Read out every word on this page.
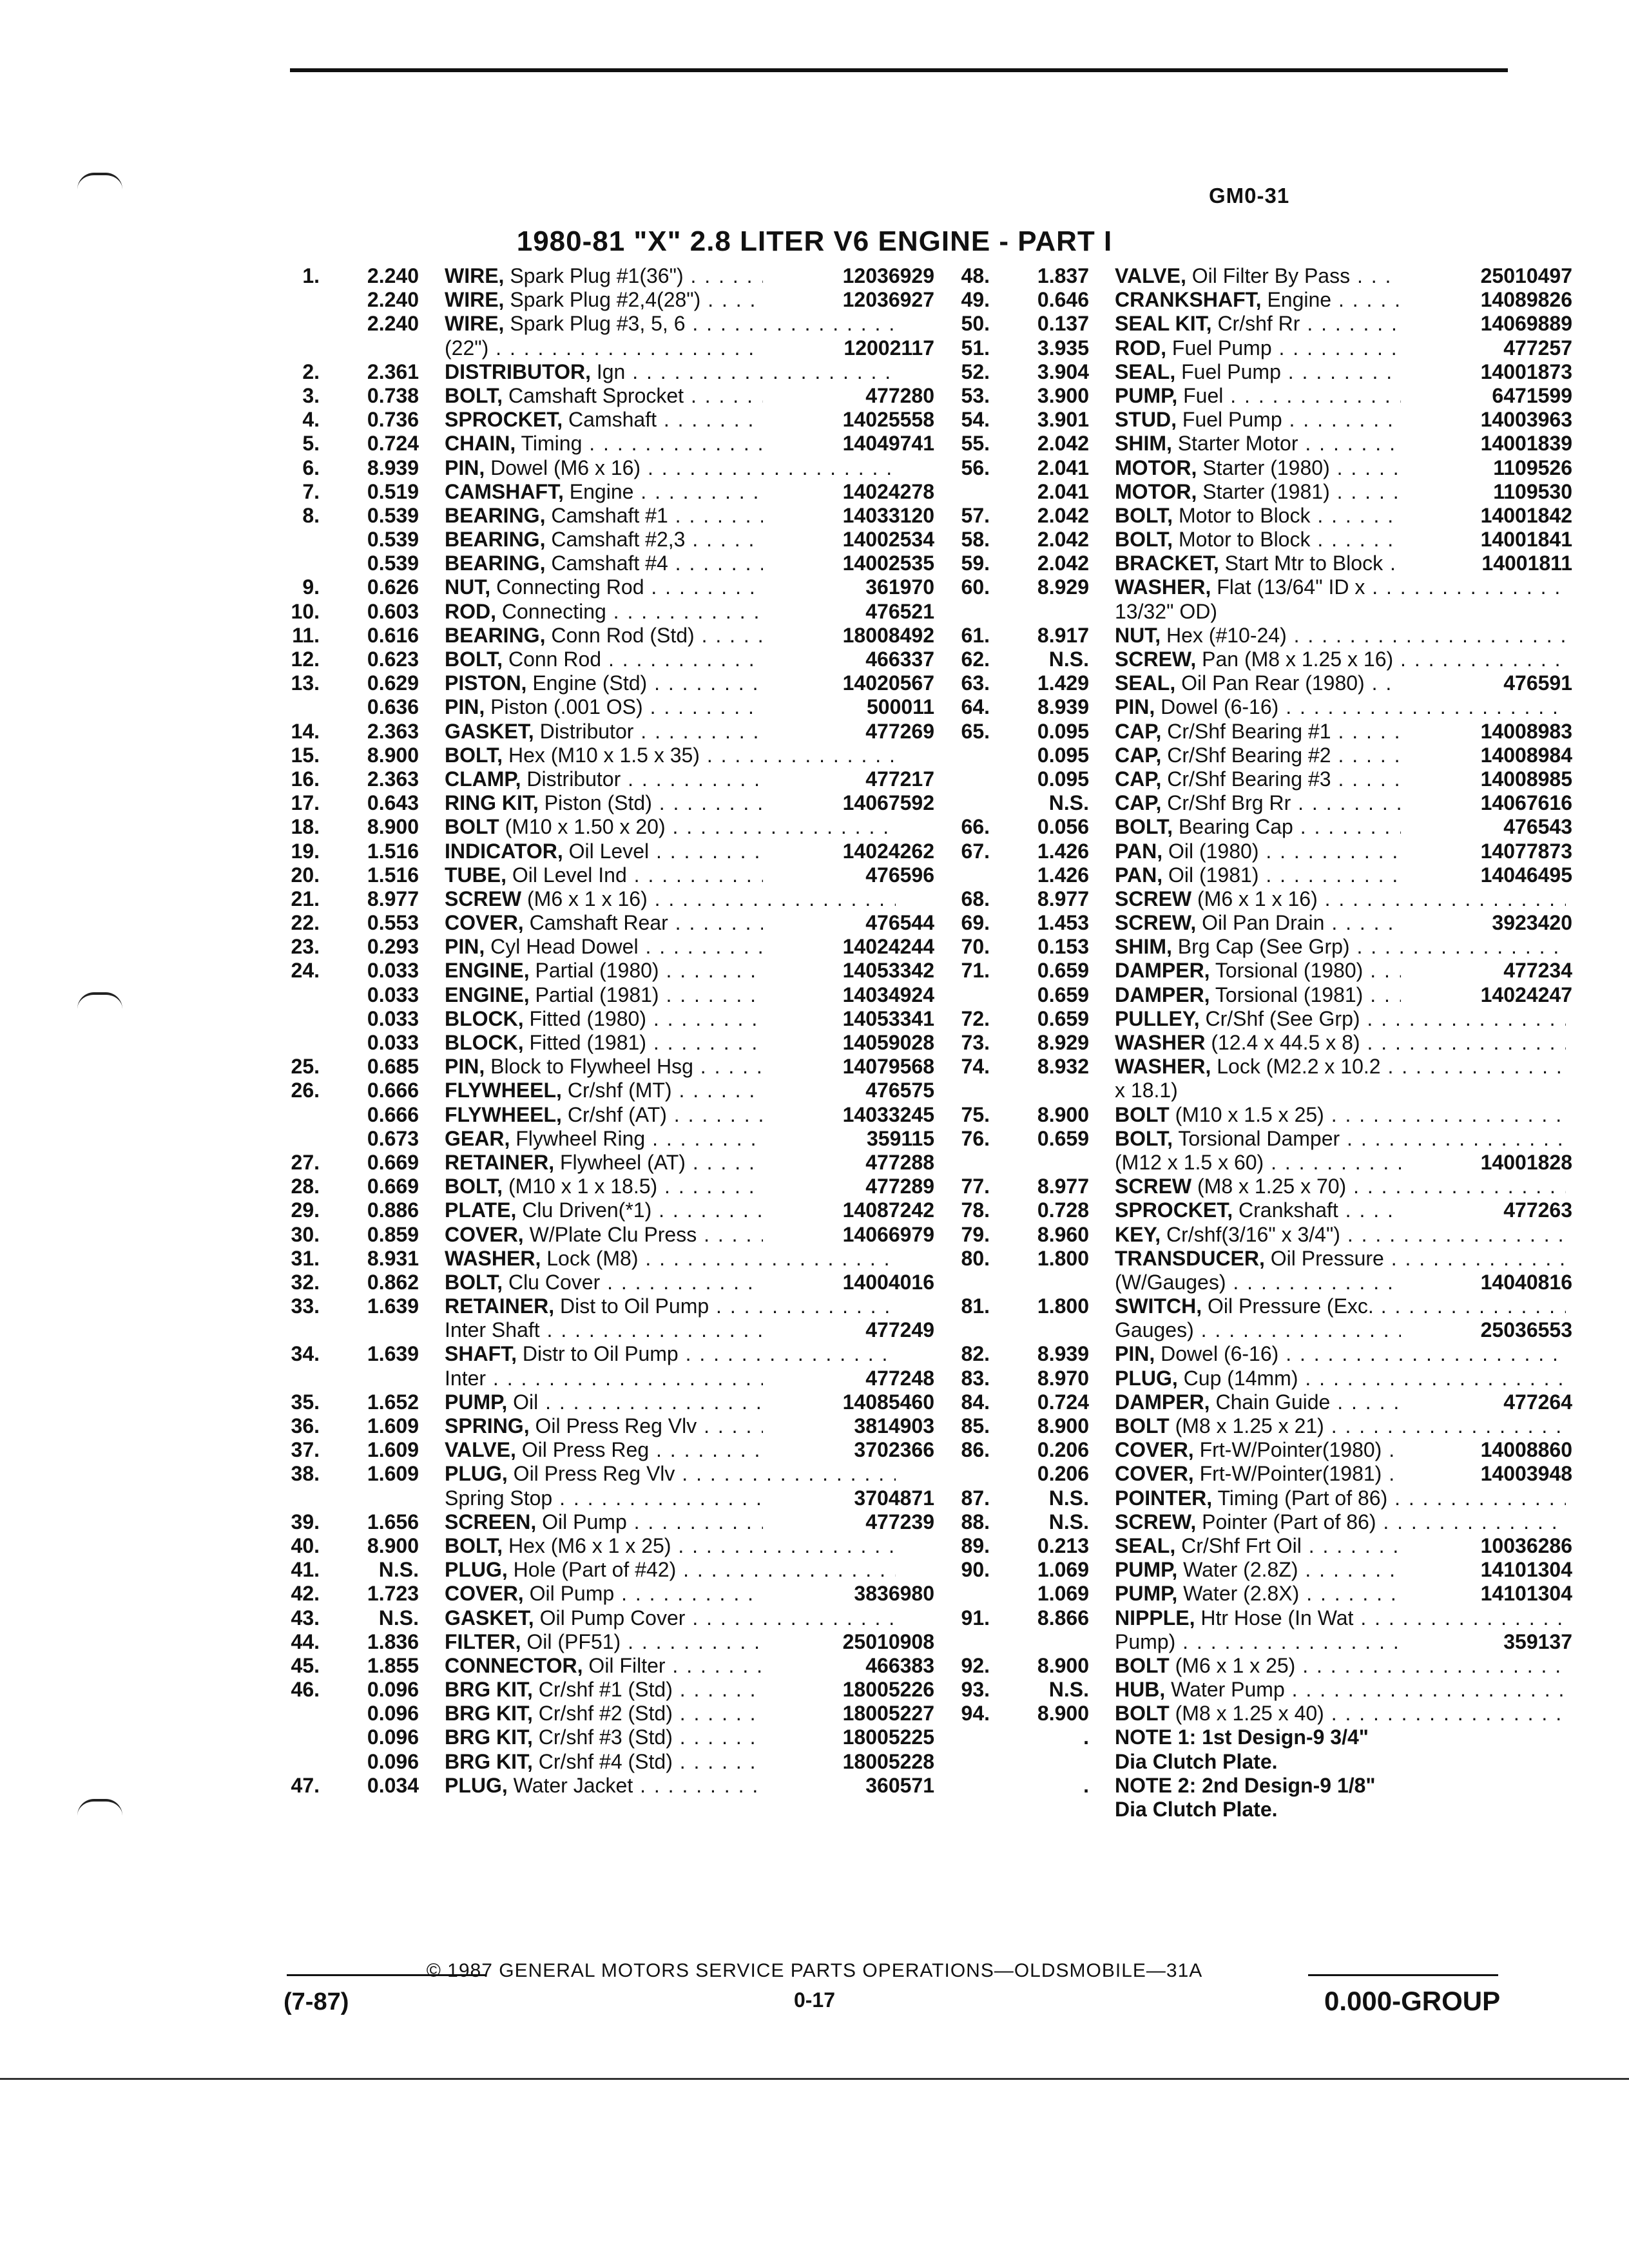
GM0-31
1980-81 "X" 2.8 LITER V6 ENGINE - PART I
1.	2.240 WIRE, Spark Plug #1(36") . . .	12036929
2.240 WIRE, Spark Plug #2,4(28") . . .	12036927
2.240 WIRE, Spark Plug #3, 5, 6 . . .
(22") . . .	12002117
2.	2.361 DISTRIBUTOR, Ign . . .
3.	0.738 BOLT, Camshaft Sprocket . . .	477280
4.	0.736 SPROCKET, Camshaft . . .	14025558
5.	0.724 CHAIN, Timing . . .	14049741
6.	8.939 PIN, Dowel (M6 x 16) . . .
7.	0.519 CAMSHAFT, Engine . . .	14024278
8.	0.539 BEARING, Camshaft #1 . . .	14033120
0.539 BEARING, Camshaft #2,3 . . .	14002534
0.539 BEARING, Camshaft #4 . . .	14002535
9.	0.626 NUT, Connecting Rod . . .	361970
10.	0.603 ROD, Connecting . . .	476521
11.	0.616 BEARING, Conn Rod (Std) . . .	18008492
12.	0.623 BOLT, Conn Rod . . .	466337
13.	0.629 PISTON, Engine (Std) . . .	14020567
0.636 PIN, Piston (.001 OS) . . .	500011
14.	2.363 GASKET, Distributor . . .	477269
15.	8.900 BOLT, Hex (M10 x 1.5 x 35) . . .
16.	2.363 CLAMP, Distributor . . .	477217
17.	0.643 RING KIT, Piston (Std) . . .	14067592
18.	8.900 BOLT (M10 x 1.50 x 20) . . .
19.	1.516 INDICATOR, Oil Level . . .	14024262
20.	1.516 TUBE, Oil Level Ind . . .	476596
21.	8.977 SCREW (M6 x 1 x 16) . . .
22.	0.553 COVER, Camshaft Rear . . .	476544
23.	0.293 PIN, Cyl Head Dowel . . .	14024244
24.	0.033 ENGINE, Partial (1980) . . .	14053342
0.033 ENGINE, Partial (1981) . . .	14034924
0.033 BLOCK, Fitted (1980) . . .	14053341
0.033 BLOCK, Fitted (1981) . . .	14059028
25.	0.685 PIN, Block to Flywheel Hsg . . .	14079568
26.	0.666 FLYWHEEL, Cr/shf (MT) . . .	476575
0.666 FLYWHEEL, Cr/shf (AT) . . .	14033245
0.673 GEAR, Flywheel Ring . . .	359115
27.	0.669 RETAINER, Flywheel (AT) . . .	477288
28.	0.669 BOLT, (M10 x 1 x 18.5) . . .	477289
29.	0.886 PLATE, Clu Driven(*1) . . .	14087242
30.	0.859 COVER, W/Plate Clu Press . . .	14066979
31.	8.931 WASHER, Lock (M8) . . .
32.	0.862 BOLT, Clu Cover . . .	14004016
33.	1.639 RETAINER, Dist to Oil Pump . . .
Inter Shaft . . .	477249
34.	1.639 SHAFT, Distr to Oil Pump . . .
Inter . . .	477248
35.	1.652 PUMP, Oil . . .	14085460
36.	1.609 SPRING, Oil Press Reg Vlv . . .	3814903
37.	1.609 VALVE, Oil Press Reg . . .	3702366
38.	1.609 PLUG, Oil Press Reg Vlv . . .
Spring Stop . . .	3704871
39.	1.656 SCREEN, Oil Pump . . .	477239
40.	8.900 BOLT, Hex (M6 x 1 x 25) . . .
41.	N.S. PLUG, Hole (Part of #42) . . .
42.	1.723 COVER, Oil Pump . . .	3836980
43.	N.S. GASKET, Oil Pump Cover . . .
44.	1.836 FILTER, Oil (PF51) . . .	25010908
45.	1.855 CONNECTOR, Oil Filter . . .	466383
46.	0.096 BRG KIT, Cr/shf #1 (Std) . . .	18005226
0.096 BRG KIT, Cr/shf #2 (Std) . . .	18005227
0.096 BRG KIT, Cr/shf #3 (Std) . . .	18005225
0.096 BRG KIT, Cr/shf #4 (Std) . . .	18005228
47.	0.034 PLUG, Water Jacket . . .	360571
48.	1.837 VALVE, Oil Filter By Pass . . .	25010497
49.	0.646 CRANKSHAFT, Engine . . .	14089826
50.	0.137 SEAL KIT, Cr/shf Rr . . .	14069889
51.	3.935 ROD, Fuel Pump . . .	477257
52.	3.904 SEAL, Fuel Pump . . .	14001873
53.	3.900 PUMP, Fuel . . .	6471599
54.	3.901 STUD, Fuel Pump . . .	14003963
55.	2.042 SHIM, Starter Motor . . .	14001839
56.	2.041 MOTOR, Starter (1980) . . .	1109526
2.041 MOTOR, Starter (1981) . . .	1109530
57.	2.042 BOLT, Motor to Block . . .	14001842
58.	2.042 BOLT, Motor to Block . . .	14001841
59.	2.042 BRACKET, Start Mtr to Block . . .	14001811
60.	8.929 WASHER, Flat (13/64" ID x . . .
13/32" OD)
61.	8.917 NUT, Hex (#10-24) . . .
62.	N.S. SCREW, Pan (M8 x 1.25 x 16) . . .
63.	1.429 SEAL, Oil Pan Rear (1980) . . .	476591
64.	8.939 PIN, Dowel (6-16) . . .
65.	0.095 CAP, Cr/Shf Bearing #1 . . .	14008983
0.095 CAP, Cr/Shf Bearing #2 . . .	14008984
0.095 CAP, Cr/Shf Bearing #3 . . .	14008985
N.S. CAP, Cr/Shf Brg Rr . . .	14067616
66.	0.056 BOLT, Bearing Cap . . .	476543
67.	1.426 PAN, Oil (1980) . . .	14077873
1.426 PAN, Oil (1981) . . .	14046495
68.	8.977 SCREW (M6 x 1 x 16) . . .
69.	1.453 SCREW, Oil Pan Drain . . .	3923420
70.	0.153 SHIM, Brg Cap (See Grp) . . .
71.	0.659 DAMPER, Torsional (1980) . . .	477234
0.659 DAMPER, Torsional (1981) . . .	14024247
72.	0.659 PULLEY, Cr/Shf (See Grp) . . .
73.	8.929 WASHER (12.4 x 44.5 x 8) . . .
74.	8.932 WASHER, Lock (M2.2 x 10.2 . . .
x 18.1)
75.	8.900 BOLT (M10 x 1.5 x 25) . . .
76.	0.659 BOLT, Torsional Damper . . .
(M12 x 1.5 x 60) . . .	14001828
77.	8.977 SCREW (M8 x 1.25 x 70) . . .
78.	0.728 SPROCKET, Crankshaft . . .	477263
79.	8.960 KEY, Cr/shf(3/16" x 3/4") . . .
80.	1.800 TRANSDUCER, Oil Pressure . . .
(W/Gauges) . . .	14040816
81.	1.800 SWITCH, Oil Pressure (Exc. . . .
Gauges) . . .	25036553
82.	8.939 PIN, Dowel (6-16) . . .
83.	8.970 PLUG, Cup (14mm) . . .
84.	0.724 DAMPER, Chain Guide . . .	477264
85.	8.900 BOLT (M8 x 1.25 x 21) . . .
86.	0.206 COVER, Frt-W/Pointer(1980) . . .	14008860
0.206 COVER, Frt-W/Pointer(1981) . . .	14003948
87.	N.S. POINTER, Timing (Part of 86) . . .
88.	N.S. SCREW, Pointer (Part of 86) . . .
89.	0.213 SEAL, Cr/Shf Frt Oil . . .	10036286
90.	1.069 PUMP, Water (2.8Z) . . .	14101304
1.069 PUMP, Water (2.8X) . . .	14101304
91.	8.866 NIPPLE, Htr Hose (In Wat . . .
Pump) . . .	359137
92.	8.900 BOLT (M6 x 1 x 25) . . .
93.	N.S. HUB, Water Pump . . .
94.	8.900 BOLT (M8 x 1.25 x 40) . . .
. NOTE 1: 1st Design-9 3/4"
Dia Clutch Plate.
. NOTE 2: 2nd Design-9 1/8"
Dia Clutch Plate.
© 1987 GENERAL MOTORS SERVICE PARTS OPERATIONS—OLDSMOBILE—31A
0-17
(7-87)	0.000-GROUP
